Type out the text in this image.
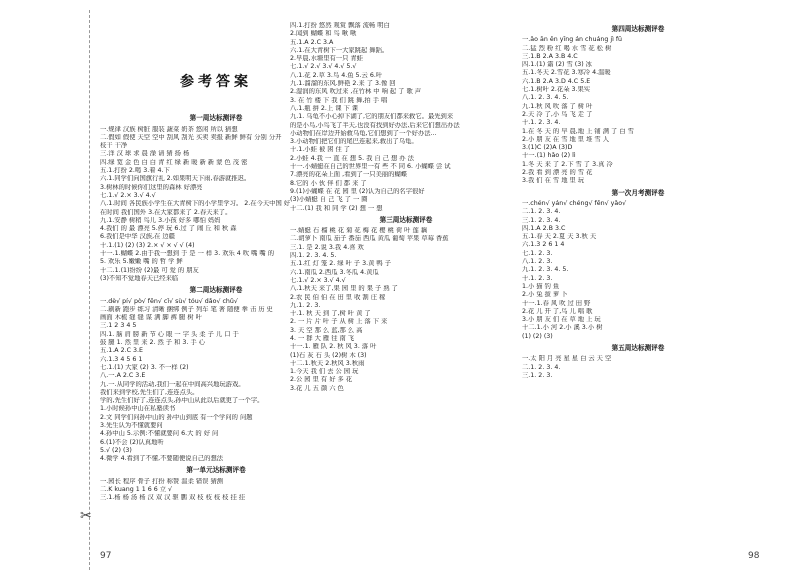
✂
参考答案
第一周达标测评卷
一.规律 汉族 树脏 服装 蔬菜 奶茶 悠闲 所以 猜想
二.假如 假使 天空 空中 刮风 刮光 买卖 卖报 新鲜 鲜有 分别 分开
枝干 干净
三.洋 汉 球 求 晨 澡 请 猜 扬 杨
四.绿 宽 金 色 白 白 青 红 绿 新 暖 新 新 蒙 色 茂 密
五.1.打扮 2.喝 3.着 4.下
六.1.同学们向国旗行礼 2.如果明天下雨,春游就推迟。
3.树林的时候你们这里的森林 好漂亮
七.1.√ 2.× 3.√ 4.√
八.1.时间 各民族小学生在大青树下的小学里学习。 2.在今天中国 好
在时间 我们国外 3.在大家都来了 2.春天来了。
九.1.安静 树稍 鸟儿 3.小孩 好多 哪怕 妈妈
4.我们 的 最 漂亮 5.停 玩 6.过 了 闹 丘 和 秋 森
6.我们是中华 汉族,在 边疆
十.1.(1) (2) (3) 2.× √ × √ √ (4)
十一.1.蝴蝶 2.由于我一想到 于 是 一 样 3. 欢乐 4 吹 嘴 嘴 的
5. 欢乐 5.嫩嫩 嘴 的 哲 学 鲜
十二.1.(1)纷纷 (2)最 可 爱 的 朋友
(3)不知不觉地春天已经来临
第二周达标测评卷
一.dè√ pí√ pò√ fēn√ cǐ√ sù√ tóu√ dǎo√ chǔ√
二.刷新 跑步 练习 清晰 捆绑 例子 列车 笔 著 随便 拳 击 历 史
画面 木梳 缝 缝 谋 满 脚 裤 腿 树 叶
三.1 2 3 4 5
四.1. 脑 肩 膀 新 节 心 眼 一 字 头 柔 子 儿 口 于
鼓 腿 1. 然 里 来 2. 然 子 和 3. 手 心
五.1.A 2.C 3.E
六.1.3 4 5 6 1
七.1.(1) 大家 (2) 3. 不一样 (2)
八.一.A 2.C 3.E
九.一.从同学的活动,我们一起在中间高兴地玩游戏。
我们来到学校,先生们了,连连点头。
学的,先生们好了,连连点头,孙中山从此以后就更了一个字。
1.小时候孙中山在私塾读书
2.文 同学们问孙中山的 孙中山到底 有一个学问的 问题
3.先生认为不懂就要问
4.孙中山 5.示例:不懂就要问 6.大 的 好 问
6.(1)不会 (2)认真地听
5.√ (2) (3)
4.微学 4.看到了不懂,不要随便说自己的想法
第一单元达标测评卷
一.园长 程序 骨子 打扮 称赞 温柔 错误 猜测
二.K kuang 1 1 6 6 立 √
三.1.杨 杨 汤 杨 汉 双 汉 驱 鹏 双 枝 枝 枝 枝 挂 挂
四.1.打扮 悠然 观赏 飘落 流畅 明白
2.闻到 蝴蝶 和 鸟 啾 啾
五.1.A 2.C 3.A
六.1.在大青树下一大家跳起 舞蹈。
2.早晨,水塘里有一只 青蛙
七.1.√ 2.√ 3.√ 4.√ 5.√
八.1.花 2.草 3.鸟 4.鱼 5.云 6.叶
九.1.溜溜的东风.鲜艳 2.来 了 3.像 回
2.湿润的东风 吹过来 ,在竹林 中 响 起 了 歌 声
3. 在 竹 楼 下 我 们 跳 舞,拍 手 唱
八.1.瓶 拼 2.上 课 下 课
九.1. 乌龟不小心掉下湖了,它的朋友们都来救它。最先到来
的是小鸟,小鸟飞了半天,也没有找到好办法,后来它们想出办法
小动物们在岸边开始救乌龟,它们想到了一个好办法...
3.小动物们把它们的尾巴连起来,救出了乌龟。
十.1.小蛙 被 困 住 了
2.小蛙 4.我 一 直 在 想 5. 我 自 己 想 办 法
十一.小蜻蜓在自己的世界里一有 些 不 同 6. 小蝴蝶 尝 试
7.漂亮的花朵上面 ,看到了一只美丽的蝴蝶
8.它的 小 伙 伴 们 都 来 了
9.(1)小蝴蝶 在 花 园 里 (2)认为自己的名字很好
(3)小蜻蜓 自 己 飞 了 一 圈
十二.(1) 我 和 同 学 (2) 想 一 想
第三周达标测评卷
一.蜻蜓 石 榴 桃 花 菊 花 梅 花 樱 桃 荷 叶 莲 藕
二.胡萝卜 南瓜 茄子 番茄 西瓜 黄瓜 葡萄 苹果 草莓 香蕉
三.1. 是 2.说 3.我 4.喜 欢
四.1. 2. 3. 4. 5.
五.1.红 灯 笼 2. 绿 叶 子 3.黄 鸭 子
六.1.南瓜 2.西瓜 3.冬瓜 4.黄瓜
七.1.√ 2.× 3.√ 4.√
八.1.秋天 来了,果 园 里 的 果 子 熟 了
2.农 民 伯 伯 在 田 里 收 割 庄 稼
九.1. 2. 3.
十.1. 秋 天 到 了,树 叶 黄 了
2. 一 片 片 叶 子 从 树 上 落 下 来
3. 天 空 那 么 蓝,那 么 高
4. 一 群 大 雁 往 南 飞
十一.1. 雁 队 2. 秋 风 3. 落 叶
(1)石 灰 石 头 (2)树 木 (3)
十二.1.秋天 2.秋风 3.秋雨
1.今天 我 们 去 公 园 玩
2.公 园 里 有 好 多 花
3.花 儿 五 颜 六 色
第四周达标测评卷
一.ǎo ān ěn yīng án chuáng jì fū
二.猛 烈 粉 红 喝 水 雪 花 松 树
三.1.B 2.A 3.B 4.C
四.1.(1) 霜 (2) 雪 (3) 冰
五.1.冬天 2.雪花 3.寒冷 4.温暖
六.1.B 2.A 3.D 4.C 5.E
七.1.树叶 2.花朵 3.果实
八.1. 2. 3. 4. 5.
九.1.秋 风 吹 落 了 树 叶
2.天 冷 了,小 鸟 飞 走 了
十.1. 2. 3. 4.
1.在 冬 天 的 早 晨,地 上 铺 满 了 白 雪
2.小 朋 友 在 雪 地 里 堆 雪 人
3.(1)C (2)A (3)D
十一.(1) hǎo (2) lì
1.冬 天 来 了 2.下 雪 了 3.真 冷
2.我 看 到 漂 亮 的 雪 花
3.我 们 在 雪 地 里 玩
第一次月考测评卷
一.chén√ yán√ chéng√ fēn√ yǎo√
二.1. 2. 3. 4.
三.1. 2. 3. 4.
四.1.A 2.B 3.C
五.1.春 天 2.夏 天 3.秋 天
六.1.3 2 6 1 4
七.1. 2. 3.
八.1. 2. 3.
九.1. 2. 3. 4. 5.
十.1. 2. 3.
1.小 猫 钓 鱼
2.小 兔 拔 萝 卜
十一.1.春 风 吹 过 田 野
2.花 儿 开 了,鸟 儿 唱 歌
3.小 朋 友 们 在 草 地 上 玩
十二.1.小 河 2.小 溪 3.小 树
(1) (2) (3)
第五周达标测评卷
一.太 阳 月 亮 星 星 白 云 天 空
二.1. 2. 3. 4.
三.1. 2. 3.
97	98
